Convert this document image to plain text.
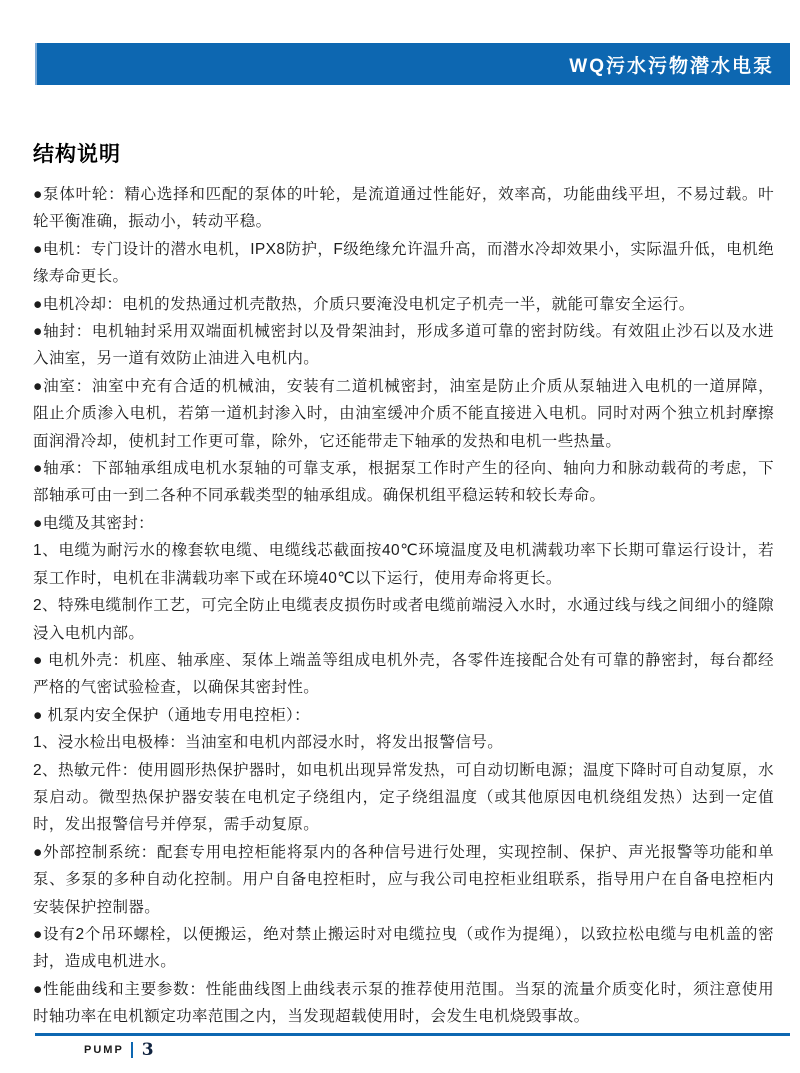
WQ污水污物潜水电泵
结构说明

●泵体叶轮：精心选择和匹配的泵体的叶轮，是流道通过性能好，效率高，功能曲线平坦，不易过载。叶轮平衡准确，振动小，转动平稳。

●电机：专门设计的潜水电机，IPX8防护，F级绝缘允许温升高，而潜水冷却效果小，实际温升低，电机绝缘寿命更长。

●电机冷却：电机的发热通过机壳散热，介质只要淹没电机定子机壳一半，就能可靠安全运行。

●轴封：电机轴封采用双端面机械密封以及骨架油封，形成多道可靠的密封防线。有效阻止沙石以及水进入油室，另一道有效防止油进入电机内。

●油室：油室中充有合适的机械油，安装有二道机械密封，油室是防止介质从泵轴进入电机的一道屏障，阻止介质渗入电机，若第一道机封渗入时，由油室缓冲介质不能直接进入电机。同时对两个独立机封摩擦面润滑冷却，使机封工作更可靠，除外，它还能带走下轴承的发热和电机一些热量。

●轴承：下部轴承组成电机水泵轴的可靠支承，根据泵工作时产生的径向、轴向力和脉动载荷的考虑，下部轴承可由一到二各种不同承载类型的轴承组成。确保机组平稳运转和较长寿命。

●电缆及其密封：

1、电缆为耐污水的橡套软电缆、电缆线芯截面按40℃环境温度及电机满载功率下长期可靠运行设计，若泵工作时，电机在非满载功率下或在环境40℃以下运行，使用寿命将更长。

2、特殊电缆制作工艺，可完全防止电缆表皮损伤时或者电缆前端浸入水时，水通过线与线之间细小的缝隙浸入电机内部。

● 电机外壳：机座、轴承座、泵体上端盖等组成电机外壳，各零件连接配合处有可靠的静密封，每台都经严格的气密试验检查，以确保其密封性。

● 机泵内安全保护（通地专用电控柜）：

1、浸水检出电极棒：当油室和电机内部浸水时，将发出报警信号。

2、热敏元件：使用圆形热保护器时，如电机出现异常发热，可自动切断电源；温度下降时可自动复原，水泵启动。微型热保护器安装在电机定子绕组内，定子绕组温度（或其他原因电机绕组发热）达到一定值时，发出报警信号并停泵，需手动复原。

●外部控制系统：配套专用电控柜能将泵内的各种信号进行处理，实现控制、保护、声光报警等功能和单泵、多泵的多种自动化控制。用户自备电控柜时，应与我公司电控柜业组联系，指导用户在自备电控柜内安装保护控制器。

●设有2个吊环螺栓，以便搬运，绝对禁止搬运时对电缆拉曳（或作为提绳），以致拉松电缆与电机盖的密封，造成电机进水。

●性能曲线和主要参数：性能曲线图上曲线表示泵的推荐使用范围。当泵的流量介质变化时，须注意使用时轴功率在电机额定功率范围之内，当发现超载使用时，会发生电机烧毁事故。

PUMP 3
